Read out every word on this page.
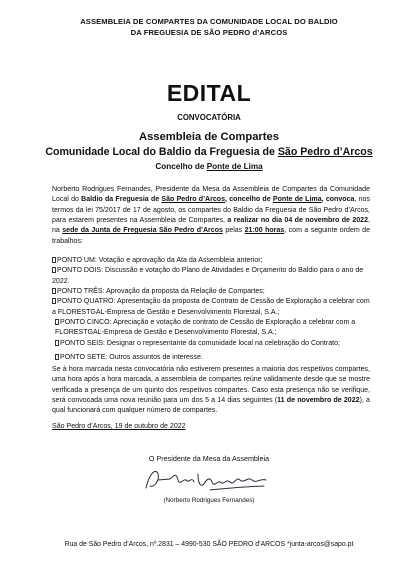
ASSEMBLEIA DE COMPARTES DA COMUNIDADE LOCAL DO BALDIO
DA FREGUESIA DE SÃO PEDRO d’ARCOS
EDITAL
CONVOCATÓRIA
Assembleia de Compartes
Comunidade Local do Baldio da Freguesia de São Pedro d’Arcos
Concelho de Ponte de Lima
Norberto Rodrigues Fernandes, Presidente da Mesa da Assembleia de Compartes da Comunidade Local do Baldio da Freguesia de São Pedro d’Arcos, concelho de Ponte de Lima, convoca, nos termos da lei 75/2017 de 17 de agosto, os compartes do Baldio da Freguesia de São Pedro d’Arcos, para estarem presentes na Assembleia de Compartes, a realizar no dia 04 de novembro de 2022, na sede da Junta de Freguesia São Pedro d’Arcos pelas 21:00 horas, com a seguinte ordem de trabalhos:
PONTO UM: Votação e aprovação da Ata da Assembleia anterior;
PONTO DOIS: Discussão e votação do Plano de Atividades e Orçamento do Baldio para o ano de 2022.
PONTO TRÊS: Aprovação da proposta da Relação de Compartes;
PONTO QUATRO: Apresentação da proposta de Contrato de Cessão de Exploração a celebrar com a FLORESTGAL-Empresa de Gestão e Desenvolvimento Florestal, S.A.;
PONTO CINCO: Apreciação e votação de contrato de Cessão de Exploração a celebrar com a FLORESTGAL-Empresa de Gestão e Desenvolvimento Florestal, S.A.;
PONTO SEIS: Designar o representante da comunidade local na celebração do Contrato;
PONTO SETE: Outros assuntos de interesse.
Se à hora marcada nesta convocatória não estiverem presentes a maioria dos respetivos compartes, uma hora após a hora marcada, a assembleia de compartes reúne validamente desde que se mostre verificada a presença de um quinto dos respetivos compartes. Caso esta presença não se verifique, será convocada uma nova reunião para um dos 5 a 14 dias seguintes (11 de novembro de 2022), a qual funcionará com qualquer número de compartes.
São Pedro d’Arcos, 19 de outubro de 2022
O Presidente da Mesa da Assembleia
(Norberto Rodrigues Fernandes)
Rua de São Pedro d’Arcos, nº.2831 – 4990-530 SÃO PEDRO d’ARCOS *junta-arcos@sapo.pt
